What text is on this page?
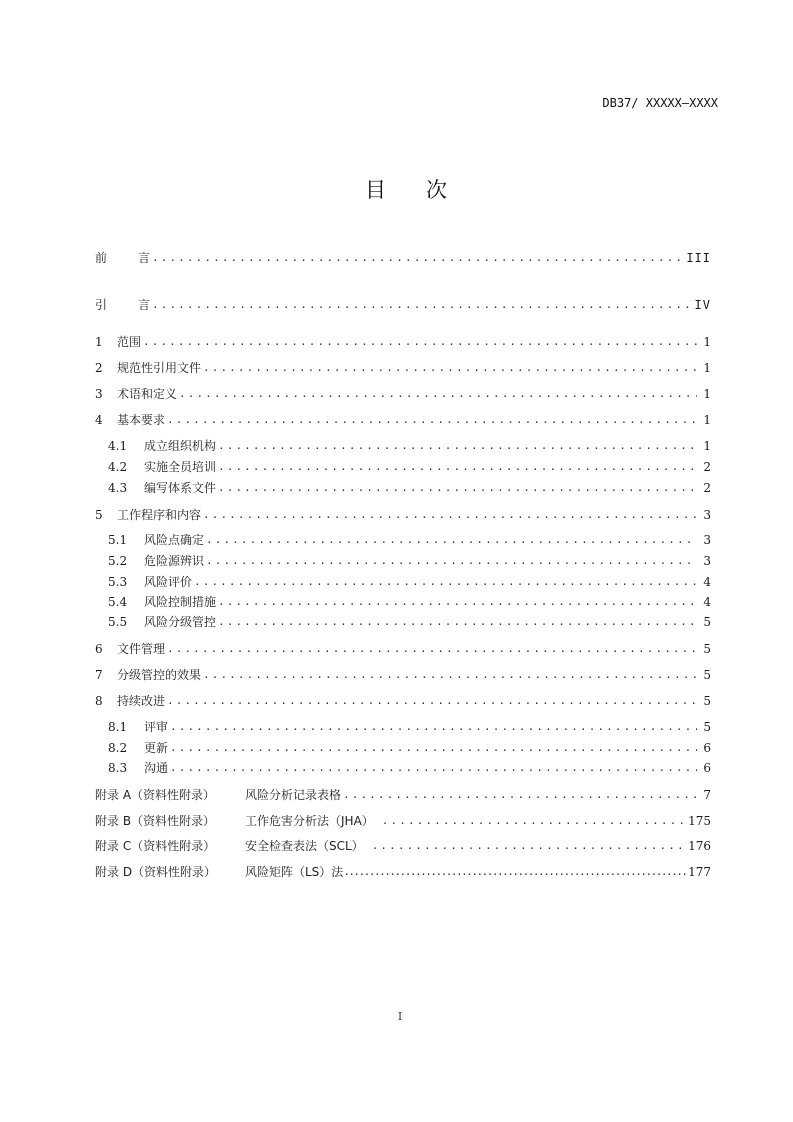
DB37/ XXXXX—XXXX
目 次
前	言 .....	III
引	言 .....	IV
1	范围 .....	1
2	规范性引用文件 .....	1
3	术语和定义 .....	1
4	基本要求 .....	1
4.1	成立组织机构 .....	1
4.2	实施全员培训 .....	2
4.3	编写体系文件 .....	2
5	工作程序和内容 .....	3
5.1	风险点确定 .....	3
5.2	危险源辨识 .....	3
5.3	风险评价 .....	4
5.4	风险控制措施 .....	4
5.5	风险分级管控 .....	5
6	文件管理 .....	5
7	分级管控的效果 .....	5
8	持续改进 .....	5
8.1	评审 .....	5
8.2	更新 .....	6
8.3	沟通 .....	6
附录 A（资料性附录）	风险分析记录表格 .....	7
附录 B（资料性附录）	工作危害分析法（JHA） .....	175
附录 C（资料性附录）	安全检查表法（SCL） .....	176
附录 D（资料性附录）	风险矩阵（LS）法 .....	177
I
